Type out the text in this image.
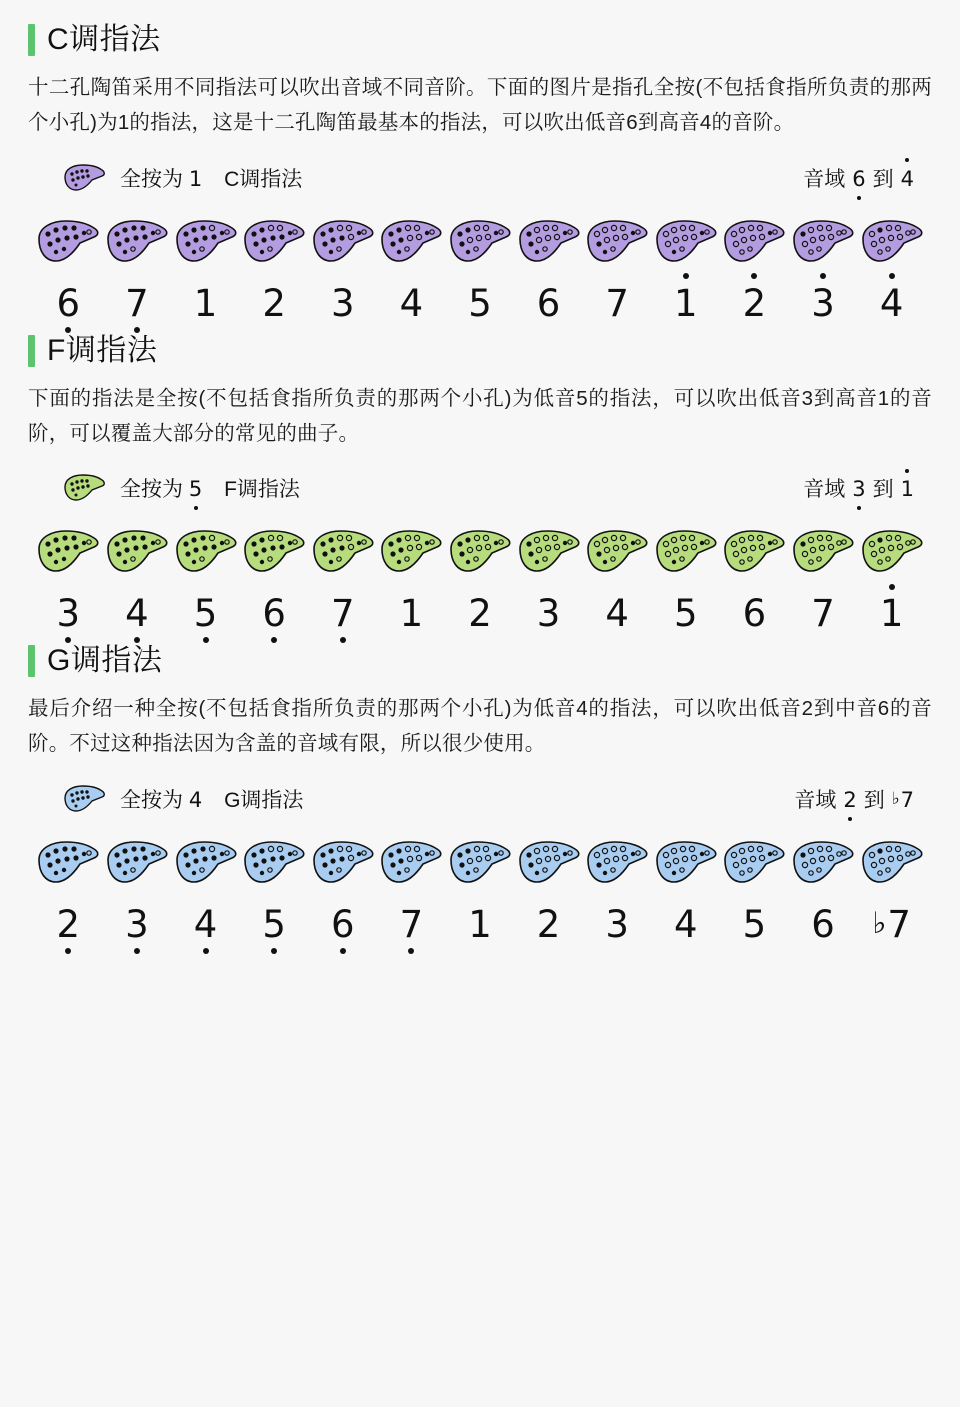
C调指法

十二孔陶笛采用不同指法可以吹出音域不同音阶。下面的图片是指孔全按(不包括食指所负责的那两个小孔)为1的指法，这是十二孔陶笛最基本的指法，可以吹出低音6到高音4的音阶。

全按为 1 C调指法	音域 6 到 4
6	7	1	2	3	4	5	6	7	1	2	3	4
F调指法

下面的指法是全按(不包括食指所负责的那两个小孔)为低音5的指法，可以吹出低音3到高音1的音阶，可以覆盖大部分的常见的曲子。

全按为 5 F调指法	音域 3 到 1
3	4	5	6	7	1	2	3	4	5	6	7	1
G调指法

最后介绍一种全按(不包括食指所负责的那两个小孔)为低音4的指法，可以吹出低音2到中音6的音阶。不过这种指法因为含盖的音域有限，所以很少使用。

全按为 4 G调指法	音域 2 到 ♭7
2	3	4	5	6	7	1	2	3	4	5	6	♭7
